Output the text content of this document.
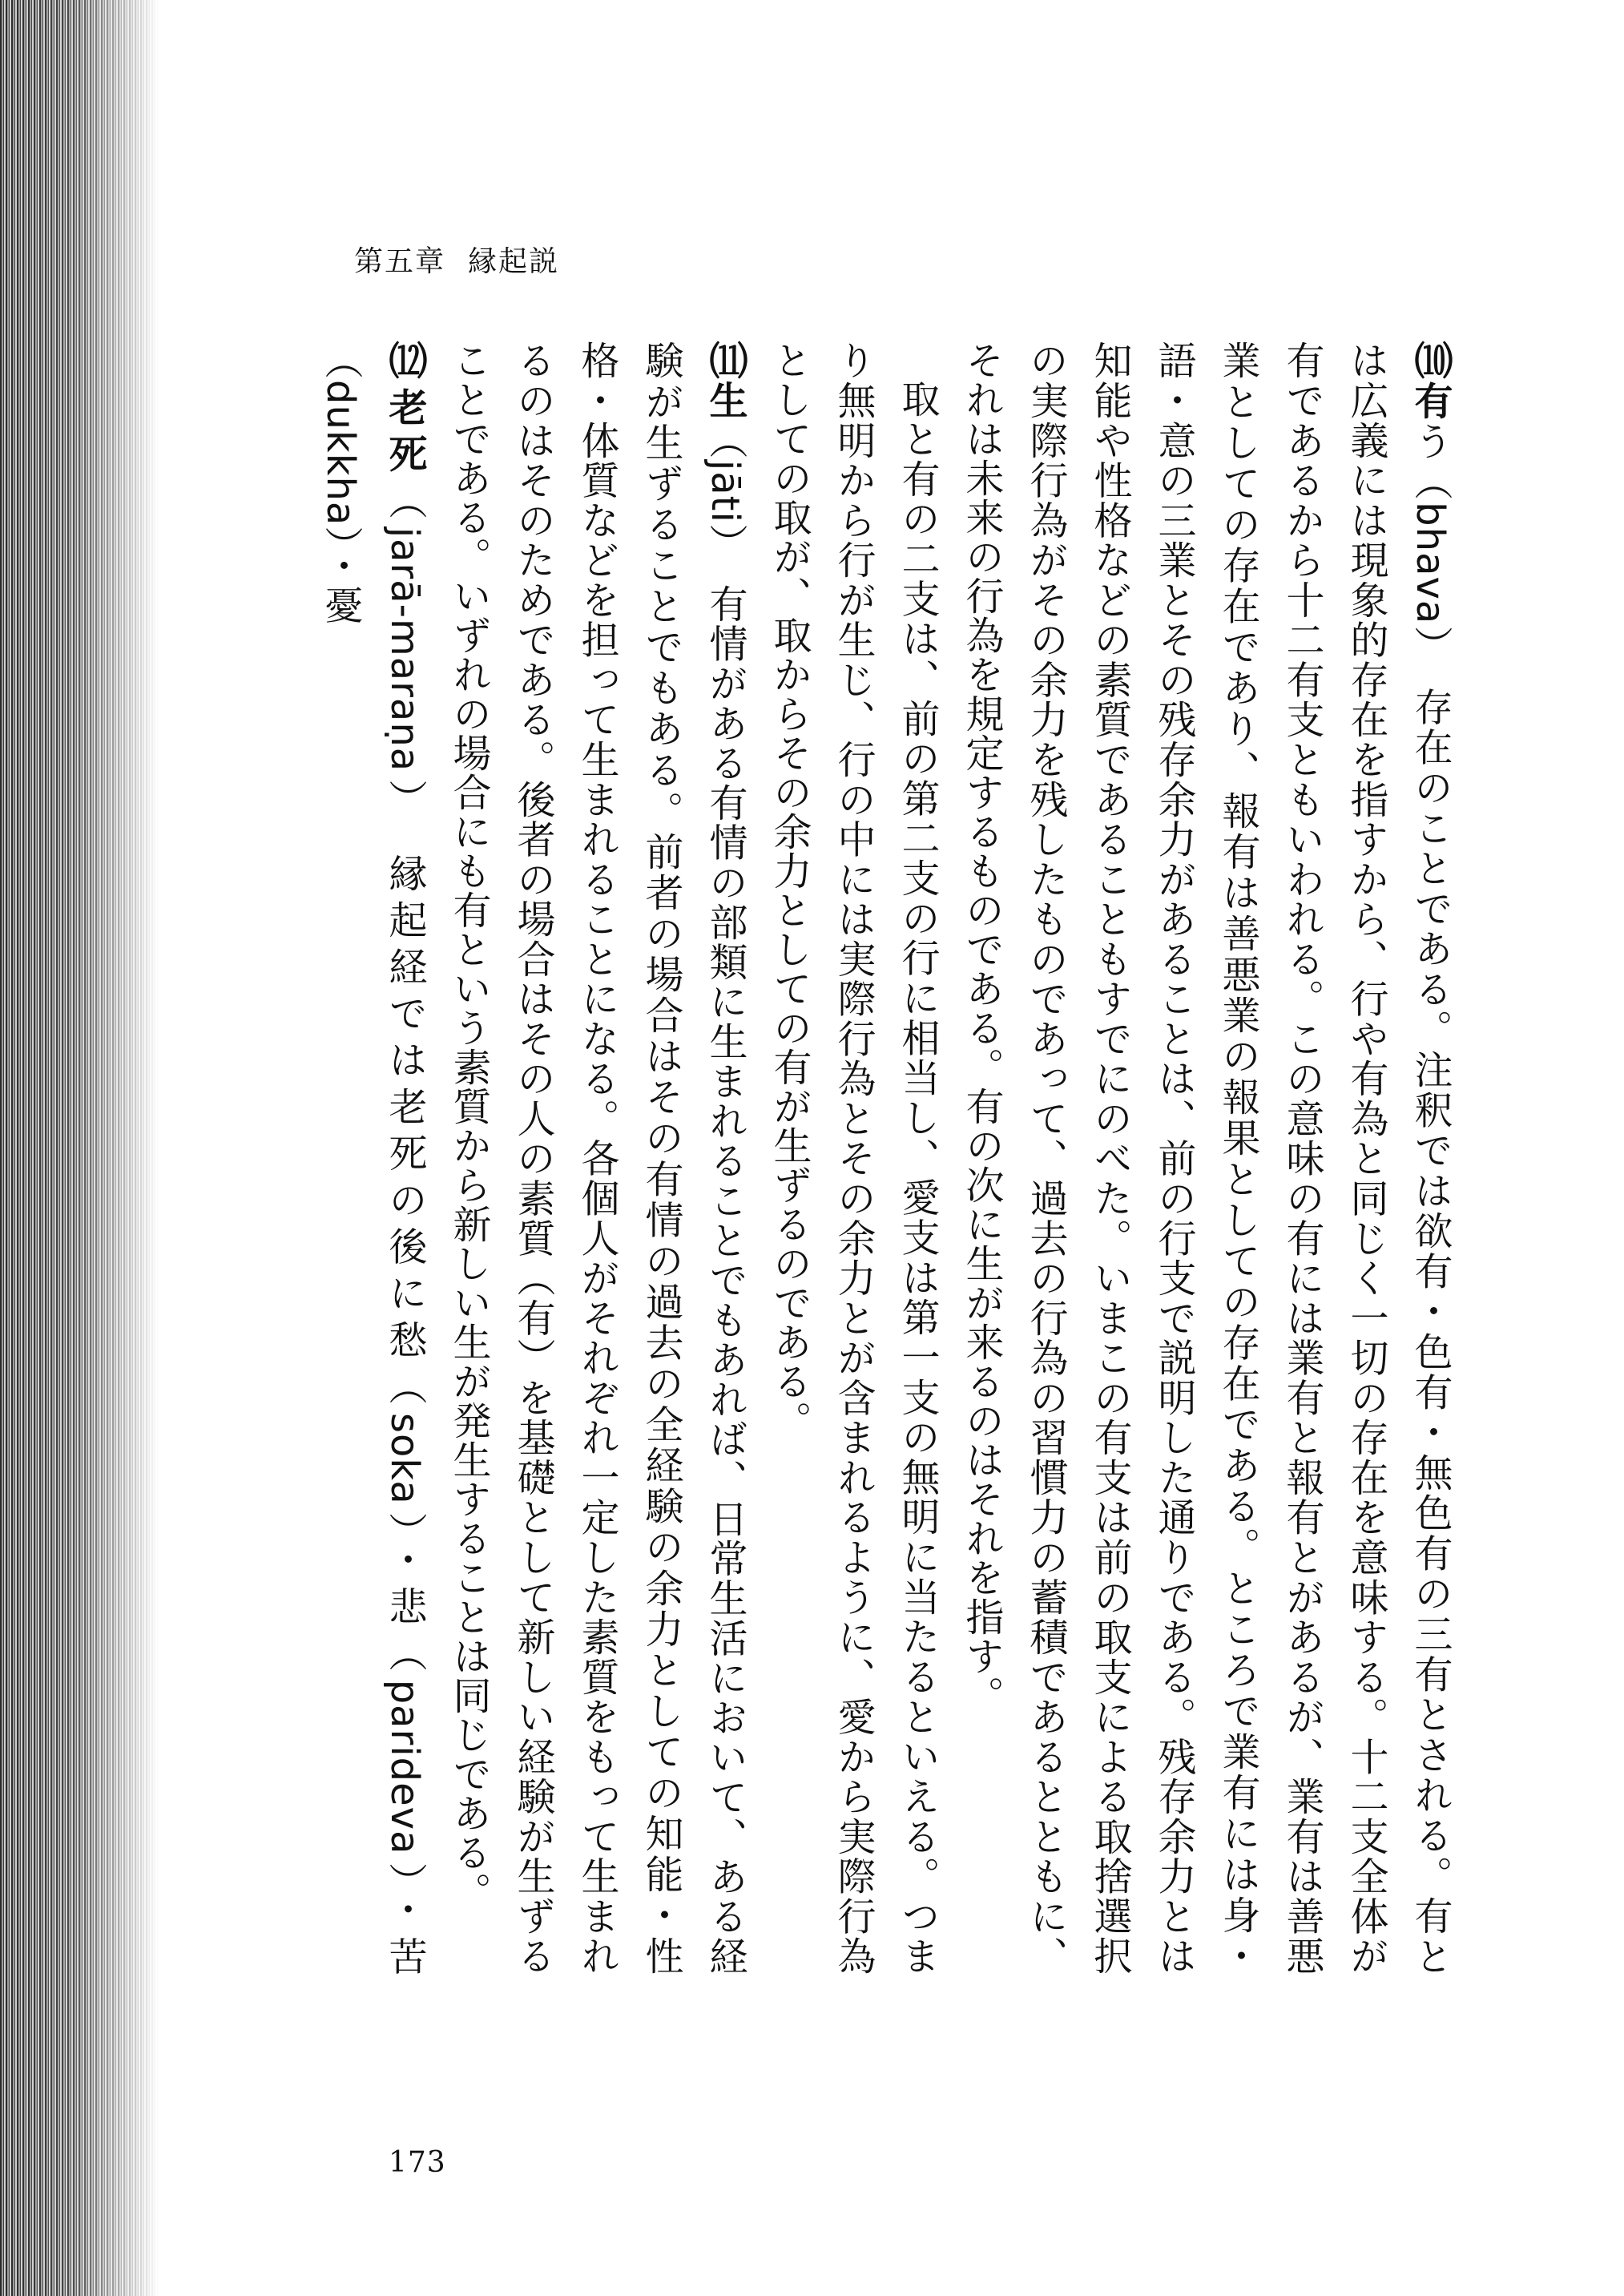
第五章 縁起説

⑽有う（bhava）　存在のことである。注釈では欲有・色有・無色有の三有とされる。有とは広義には現象的存在を指すから、行や有為と同じく一切の存在を意味する。十二支全体が有であるから十二有支ともいわれる。この意味の有には業有と報有とがあるが、業有は善悪業としての存在であり、報有は善悪業の報果としての存在である。ところで業有には身・語・意の三業とその残存余力があることは、前の行支で説明した通りである。残存余力とは知能や性格などの素質であることもすでにのべた。いまこの有支は前の取支による取捨選択の実際行為がその余力を残したものであって、過去の行為の習慣力の蓄積であるとともに、それは未来の行為を規定するものである。有の次に生が来るのはそれを指す。

取と有の二支は、前の第二支の行に相当し、愛支は第一支の無明に当たるといえる。つまり無明から行が生じ、行の中には実際行為とその余力とが含まれるように、愛から実際行為としての取が、取からその余力としての有が生ずるのである。

⑾生（jāti）　有情がある有情の部類に生まれることでもあれば、日常生活において、ある経験が生ずることでもある。前者の場合はその有情の過去の全経験の余力としての知能・性格・体質などを担って生まれることになる。各個人がそれぞれ一定した素質をもって生まれるのはそのためである。後者の場合はその人の素質（有）を基礎として新しい経験が生ずることである。いずれの場合にも有という素質から新しい生が発生することは同じである。

⑿老死（jarā-maraṇa）　縁起経では老死の後に愁（soka）・悲（parideva）・苦（dukkha）・憂

173
